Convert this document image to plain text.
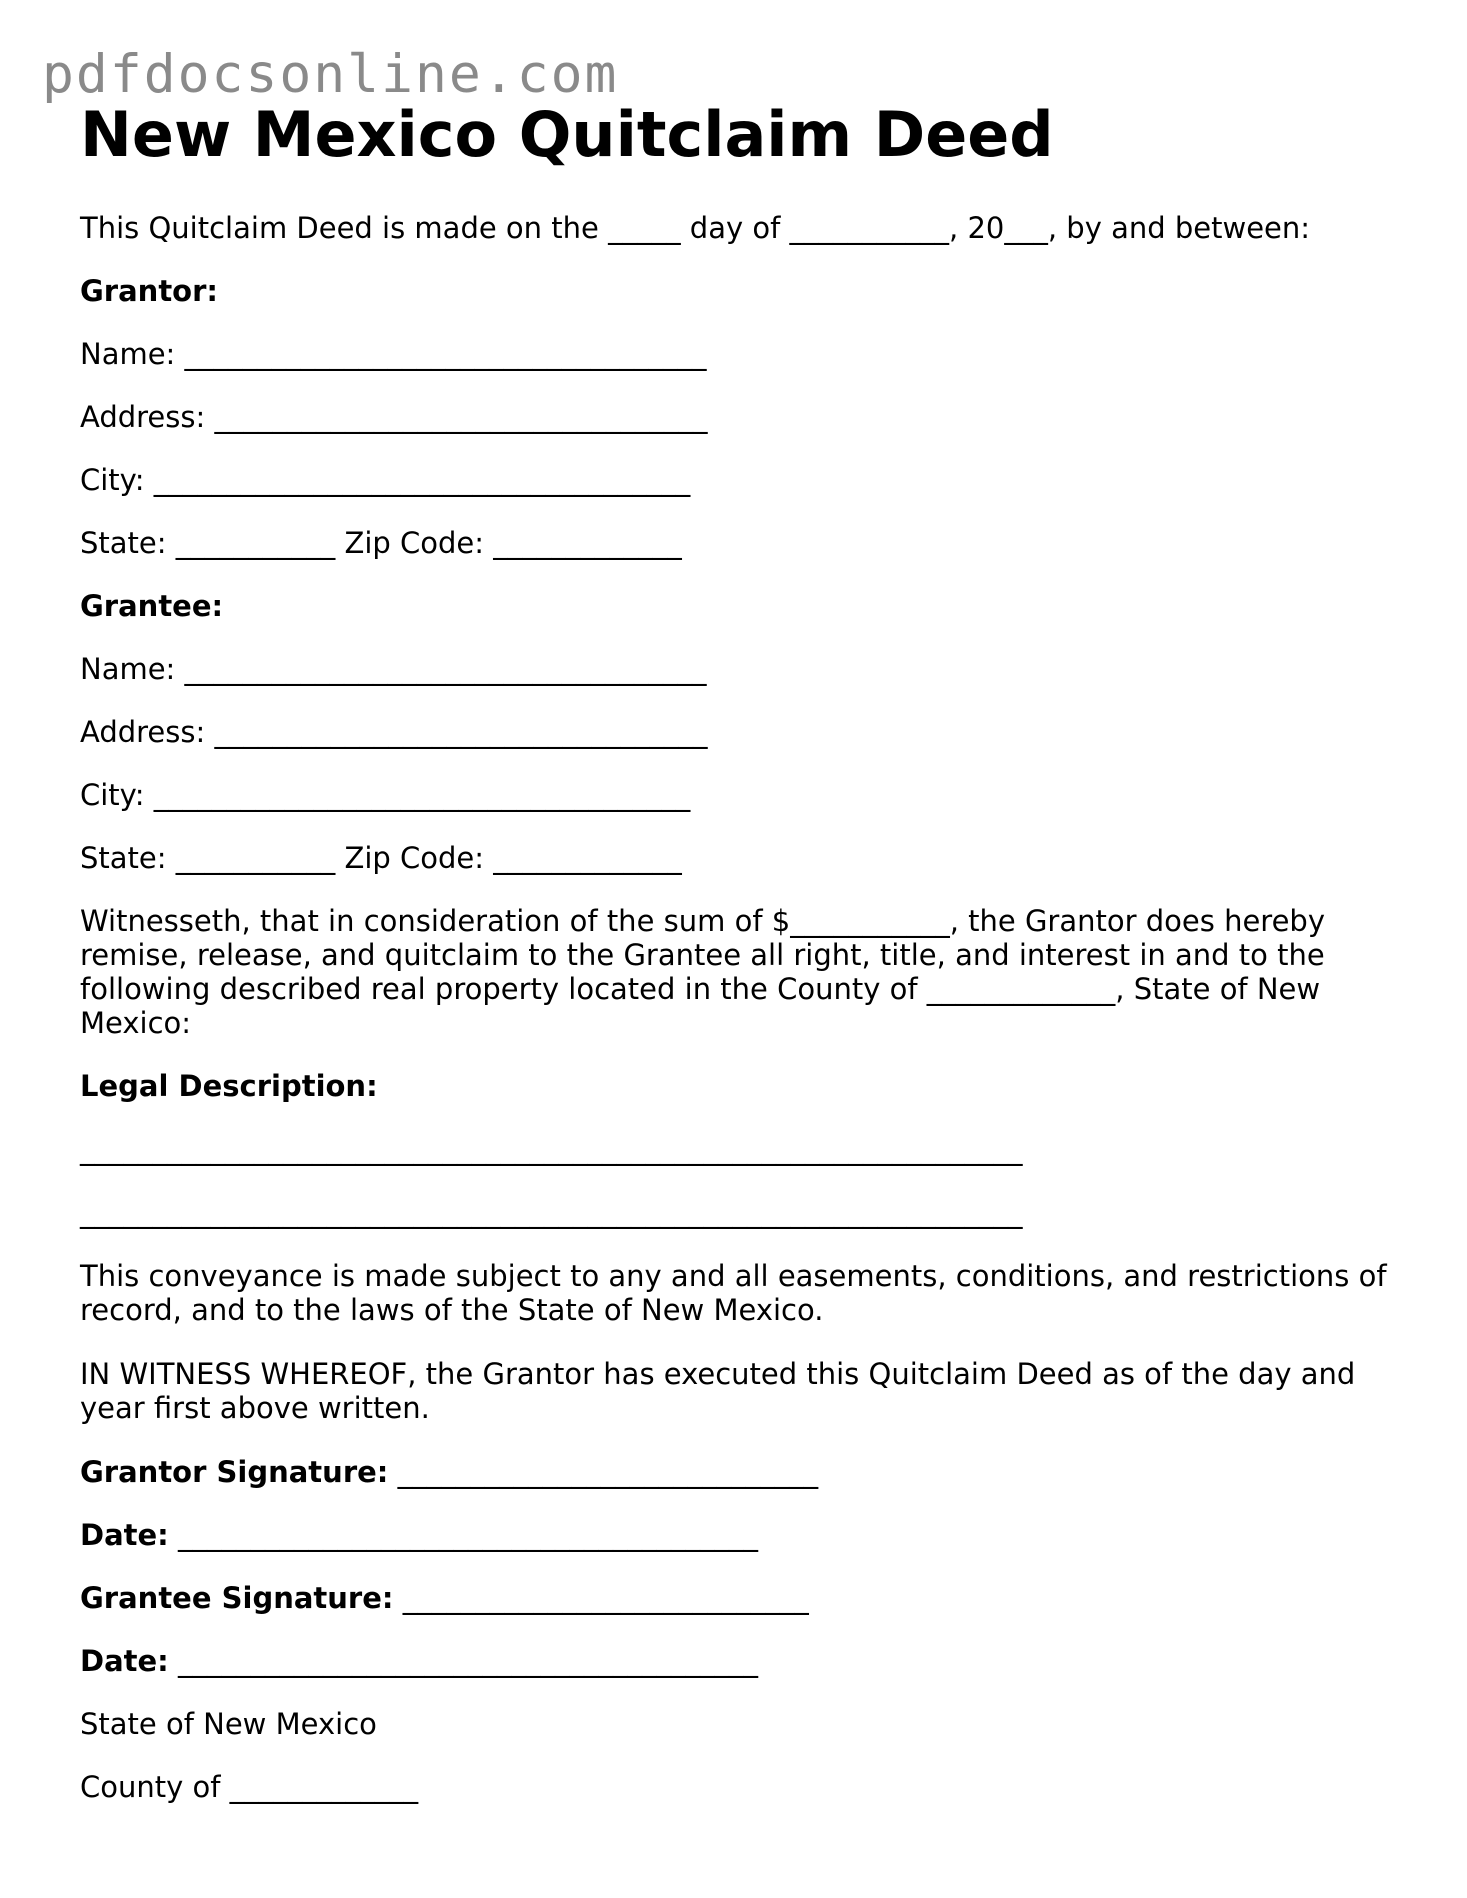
pdfdocsonline.com
New Mexico Quitclaim Deed

This Quitclaim Deed is made on the _____ day of ___________, 20___, by and between:

Grantor:

Name: ____________________________________

Address: __________________________________

City: _____________________________________

State: ___________ Zip Code: _____________

Grantee:

Name: ____________________________________

Address: __________________________________

City: _____________________________________

State: ___________ Zip Code: _____________

Witnesseth, that in consideration of the sum of $___________, the Grantor does hereby remise, release, and quitclaim to the Grantee all right, title, and interest in and to the following described real property located in the County of _____________, State of New Mexico:

Legal Description:

_________________________________________________________________

_________________________________________________________________

This conveyance is made subject to any and all easements, conditions, and restrictions of record, and to the laws of the State of New Mexico.

IN WITNESS WHEREOF, the Grantor has executed this Quitclaim Deed as of the day and year first above written.

Grantor Signature: _____________________________

Date: ________________________________________

Grantee Signature: ____________________________

Date: ________________________________________

State of New Mexico

County of _____________
